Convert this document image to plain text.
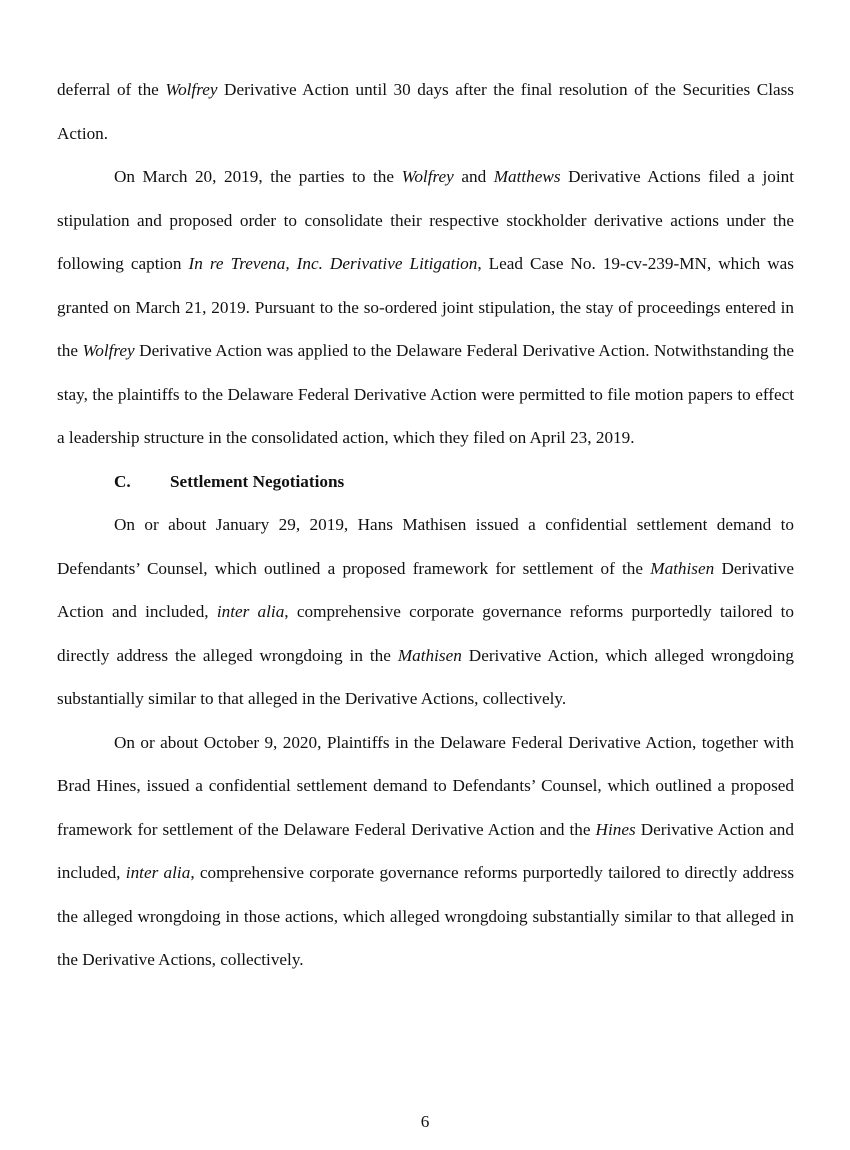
deferral of the Wolfrey Derivative Action until 30 days after the final resolution of the Securities Class Action.

On March 20, 2019, the parties to the Wolfrey and Matthews Derivative Actions filed a joint stipulation and proposed order to consolidate their respective stockholder derivative actions under the following caption In re Trevena, Inc. Derivative Litigation, Lead Case No. 19-cv-239-MN, which was granted on March 21, 2019. Pursuant to the so-ordered joint stipulation, the stay of proceedings entered in the Wolfrey Derivative Action was applied to the Delaware Federal Derivative Action. Notwithstanding the stay, the plaintiffs to the Delaware Federal Derivative Action were permitted to file motion papers to effect a leadership structure in the consolidated action, which they filed on April 23, 2019.

C. Settlement Negotiations

On or about January 29, 2019, Hans Mathisen issued a confidential settlement demand to Defendants’ Counsel, which outlined a proposed framework for settlement of the Mathisen Derivative Action and included, inter alia, comprehensive corporate governance reforms purportedly tailored to directly address the alleged wrongdoing in the Mathisen Derivative Action, which alleged wrongdoing substantially similar to that alleged in the Derivative Actions, collectively.

On or about October 9, 2020, Plaintiffs in the Delaware Federal Derivative Action, together with Brad Hines, issued a confidential settlement demand to Defendants’ Counsel, which outlined a proposed framework for settlement of the Delaware Federal Derivative Action and the Hines Derivative Action and included, inter alia, comprehensive corporate governance reforms purportedly tailored to directly address the alleged wrongdoing in those actions, which alleged wrongdoing substantially similar to that alleged in the Derivative Actions, collectively.

6
